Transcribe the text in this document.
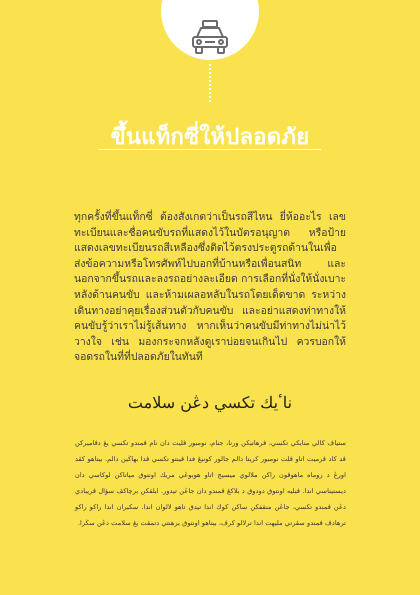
ขึ้นแท็กซี่ให้ปลอดภัย

ทุกครั้งที่ขึ้นแท็กซี่ ต้องสังเกตว่าเป็นรถสีไหน ยี่ห้ออะไร เลขทะเบียนและชื่อคนขับรถที่แสดงไว้ในบัตรอนุญาต หรือป้ายแสดงเลขทะเบียนรถสีเหลืองซึ่งติดไว้ตรงประตูรถด้านในเพื่อส่งข้อความหรือโทรศัพท์ไปบอกที่บ้านหรือเพื่อนสนิท และนอกจากขึ้นรถและลงรถอย่างละเอียด การเลือกที่นั่งให้นั่งเบาะหลังด้านคนขับ และห้ามเผลอหลับในรถโดยเด็ดขาด ระหว่างเดินทางอย่าคุยเรื่องส่วนตัวกับคนขับ และอย่าแสดงท่าทางให้คนขับรู้ว่าเราไม่รู้เส้นทาง หากเห็นว่าคนขับมีท่าทางไม่น่าไว้วางใจ เช่น มองกระจกหลังดูเราบ่อยจนเกินไป ควรบอกให้จอดรถในที่ที่ปลอดภัยในทันที

ناٴيك تکسي دڠن سلامت

ستياڤ كالي منايكي تكسي، ڤرهاتيكن ورنا، جنام، نومبور ڤليت دان نام ڤمندو تكسي يڠ دڤاميركن ڤد كاد ڤرميت اتاو ڤلت نومبور كريتا دالم جالور كونيڠ فدا ڤينتو تكسي ڤدا بهاڬين دالم. بيتاهو كڤد اورڠ د روماه ماهوڤون راكن ملالوي ميسيج اتاو هوبوڠي مريك اونتوق مڽاتاكن لوكاسي دان ديستيناسي اندا. ڤيليه اونتوق دودوق د بلاكڠ ڤمندو دان جاڠن تيدور. ايلقكن برچاكڤ سؤال ڤريبادي دڠن ڤمندو تكسي، جاڠن منقفكن ساكن كوك اندا تيدق تاهو لالوان اندا. سكيران اندا راكو راكو ترهادڤ ڤمندو سڤرتي مليهت اندا ترلالو كرڤ، بيتاهو اونتوق برهنتي دتمڤت يڠ سلامت دڠن سڬرا.
